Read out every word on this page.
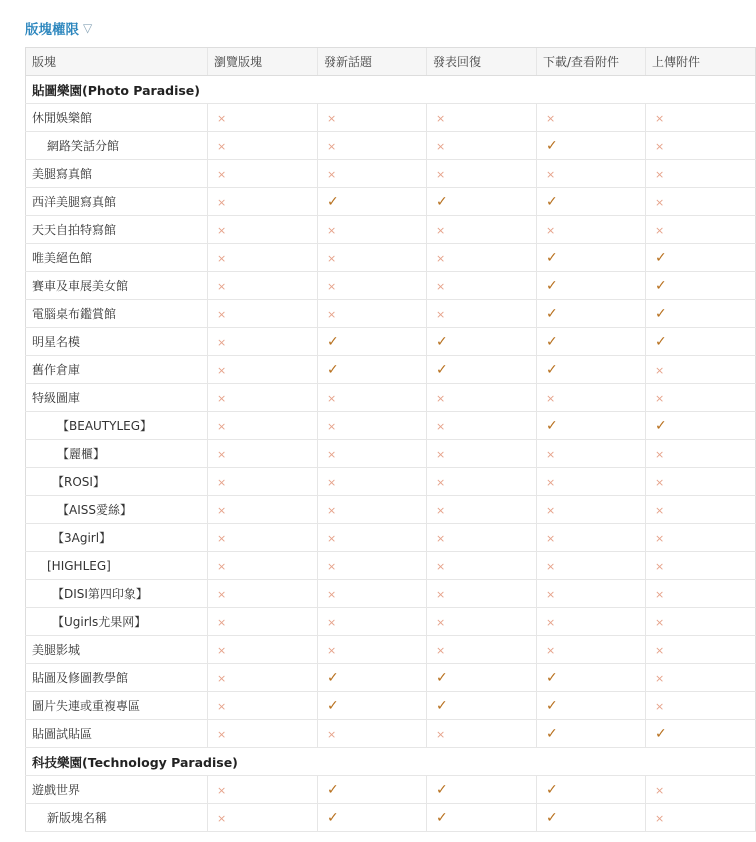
版塊權限 ▽
版塊	瀏覽版塊	發新話題	發表回復	下載/查看附件	上傳附件
貼圖樂園(Photo Paradise)					
休閒娛樂館	×	×	×	×	×
網路笑話分館	×	×	×	✓	×
美腿寫真館	×	×	×	×	×
西洋美腿寫真館	×	✓	✓	✓	×
天天自拍特寫館	×	×	×	×	×
唯美絕色館	×	×	×	✓	✓
賽車及車展美女館	×	×	×	✓	✓
電腦桌布鑑賞館	×	×	×	✓	✓
明星名模	×	✓	✓	✓	✓
舊作倉庫	×	✓	✓	✓	×
特級圖庫	×	×	×	×	×
【BEAUTYLEG】	×	×	×	✓	✓
【麗櫃】	×	×	×	×	×
【ROSI】	×	×	×	×	×
【AISS愛絲】	×	×	×	×	×
【3Agirl】	×	×	×	×	×
[HIGHLEG]	×	×	×	×	×
【DISI第四印象】	×	×	×	×	×
【Ugirls尤果网】	×	×	×	×	×
美腿影城	×	×	×	×	×
貼圖及修圖教學館	×	✓	✓	✓	×
圖片失連或重複專區	×	✓	✓	✓	×
貼圖試貼區	×	×	×	✓	✓
科技樂園(Technology Paradise)					
遊戲世界	×	✓	✓	✓	×
新版塊名稱	×	✓	✓	✓	×
